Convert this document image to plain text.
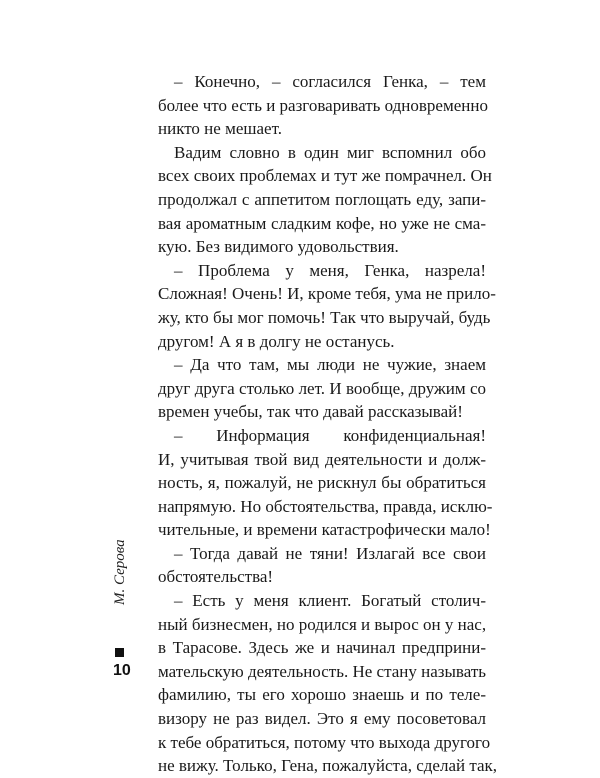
– Конечно, – согласился Генка, – тем
более что есть и разговаривать одновременно
никто не мешает.
Вадим словно в один миг вспомнил обо
всех своих проблемах и тут же помрачнел. Он
продолжал с аппетитом поглощать еду, запи-
вая ароматным сладким кофе, но уже не сма-
кую. Без видимого удовольствия.
– Проблема у меня, Генка, назрела!
Сложная! Очень! И, кроме тебя, ума не прило-
жу, кто бы мог помочь! Так что выручай, будь
другом! А я в долгу не останусь.
– Да что там, мы люди не чужие, знаем
друг друга столько лет. И вообще, дружим со
времен учебы, так что давай рассказывай!
– Информация конфиденциальная!
И, учитывая твой вид деятельности и долж-
ность, я, пожалуй, не рискнул бы обратиться
напрямую. Но обстоятельства, правда, исклю-
чительные, и времени катастрофически мало!
– Тогда давай не тяни! Излагай все свои
обстоятельства!
– Есть у меня клиент. Богатый столич-
ный бизнесмен, но родился и вырос он у нас,
в Тарасове. Здесь же и начинал предприни-
мательскую деятельность. Не стану называть
фамилию, ты его хорошо знаешь и по теле-
визору не раз видел. Это я ему посоветовал
к тебе обратиться, потому что выхода другого
не вижу. Только, Гена, пожалуйста, сделай так,
М. Серова
10
